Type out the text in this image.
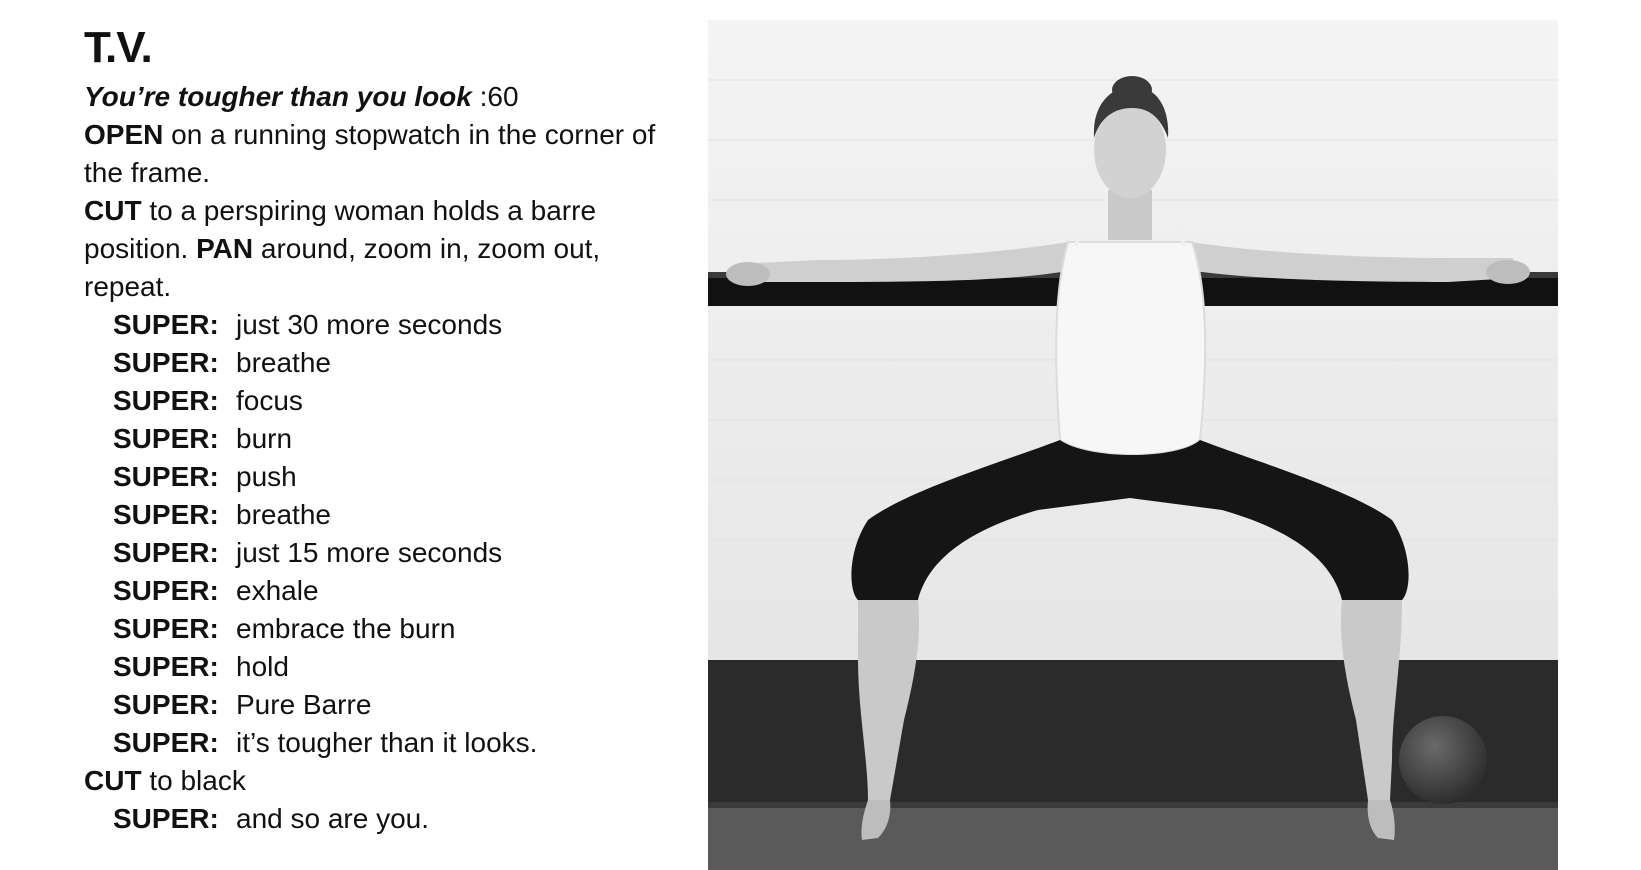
T.V.
You’re tougher than you look :60
OPEN on a running stopwatch in the corner of the frame.
CUT to a perspiring woman holds a barre position. PAN around, zoom in, zoom out, repeat.
SUPER: just 30 more seconds
SUPER: breathe
SUPER: focus
SUPER: burn
SUPER: push
SUPER: breathe
SUPER: just 15 more seconds
SUPER: exhale
SUPER: embrace the burn
SUPER: hold
SUPER: Pure Barre
SUPER: it’s tougher than it looks.
CUT to black
SUPER: and so are you.
